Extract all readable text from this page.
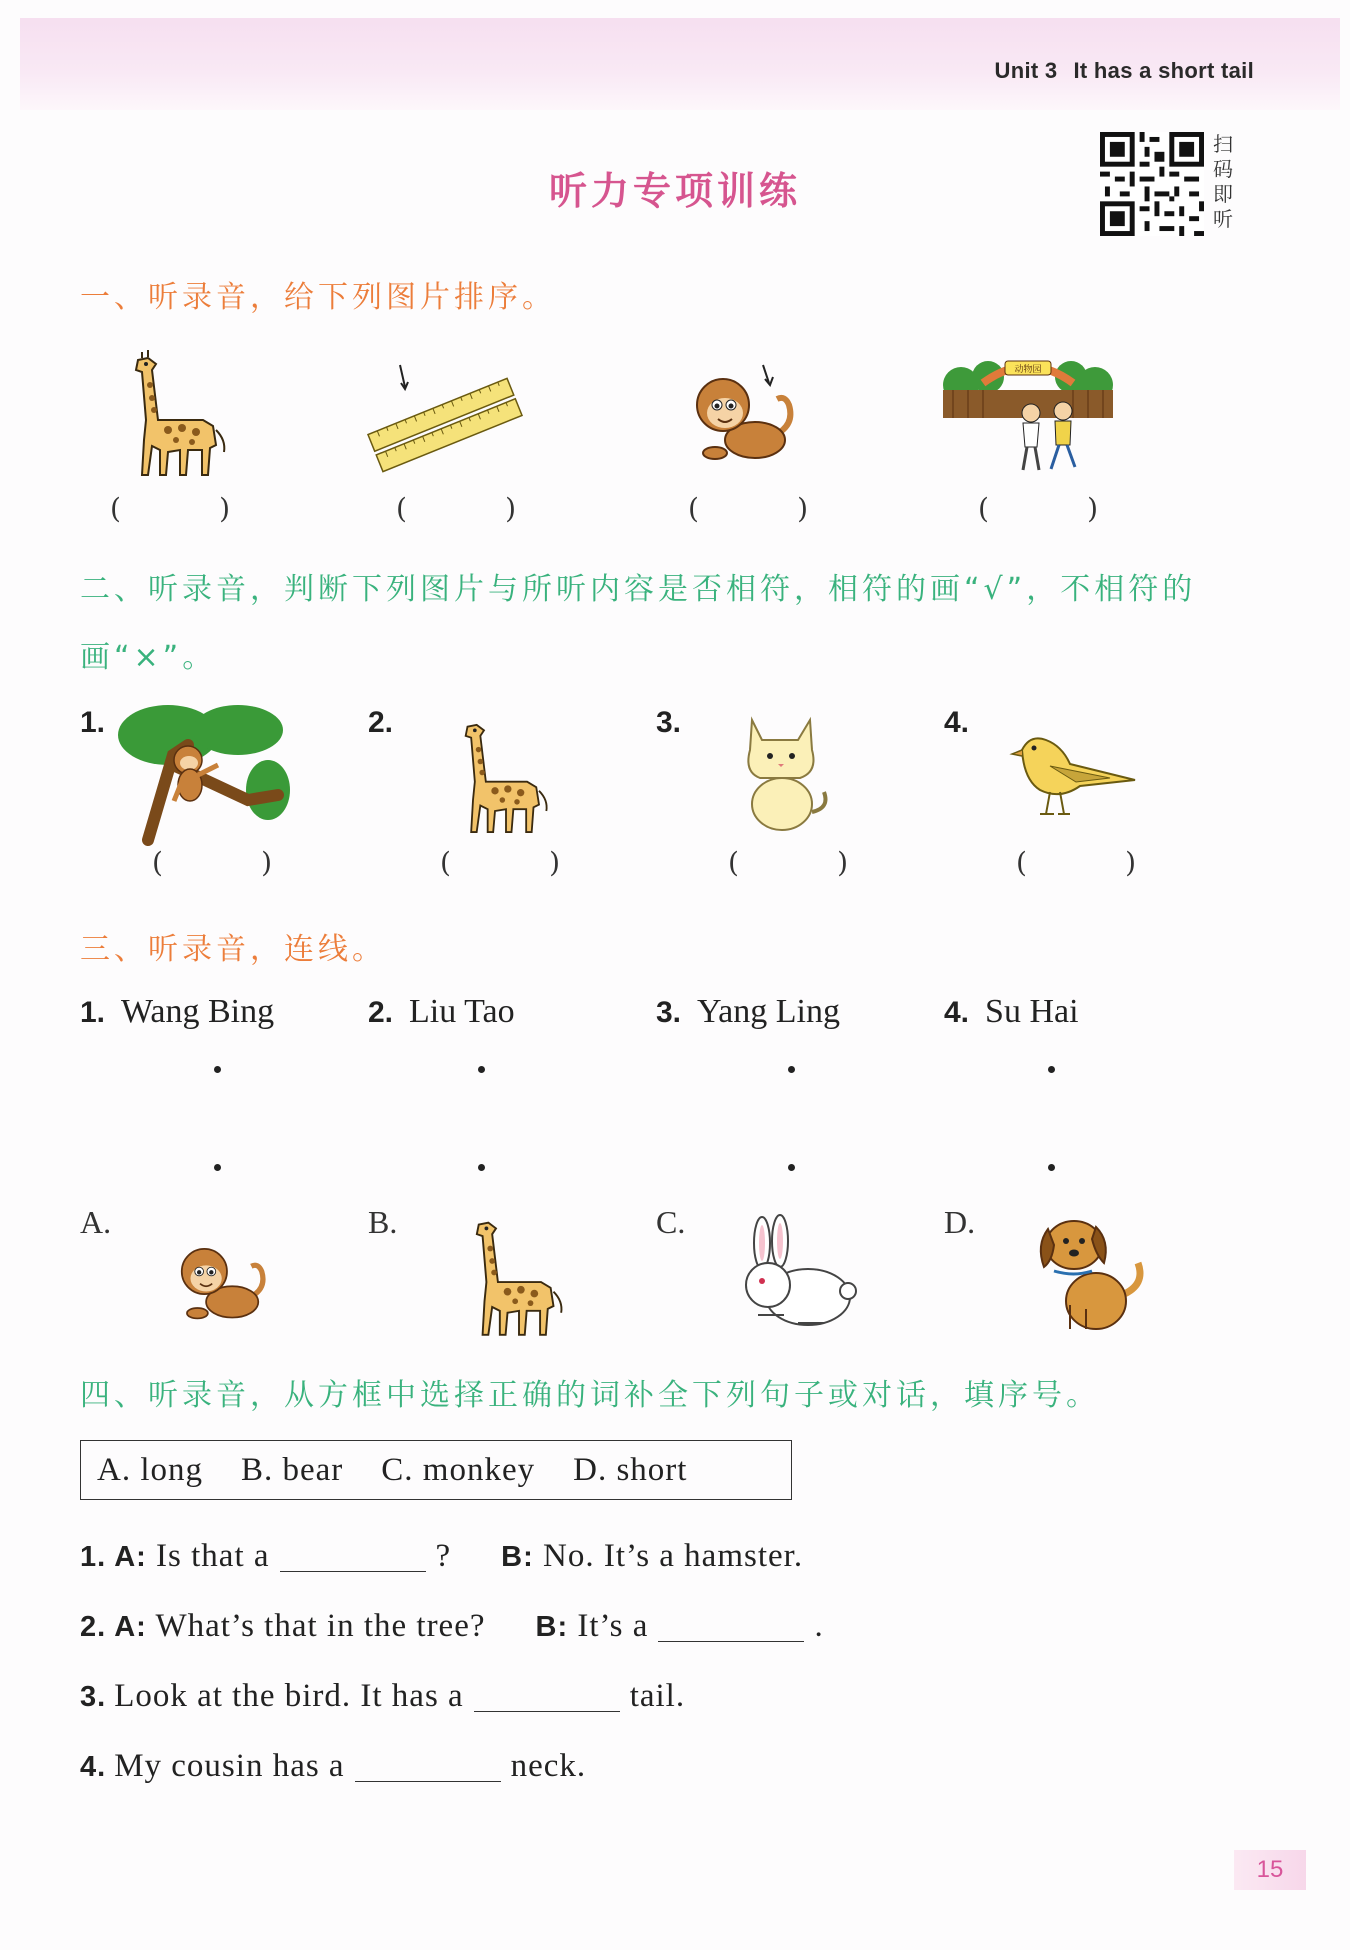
Unit 3 It has a short tail
听力专项训练
扫
码
即
听
一、听录音，给下列图片排序。
(	)	(	)	(	)
动物园
(	)
二、听录音，判断下列图片与所听内容是否相符，相符的画“√”，不相符的
画“×”。
1.
(	)
2.
(	)
3.
(	)
4.
(	)
三、听录音，连线。
1. Wang Bing	2. Liu Tao	3. Yang Ling	4. Su Hai
A.	B.	C.	D.
四、听录音，从方框中选择正确的词补全下列句子或对话，填序号。
A. long B. bear C. monkey D. short
1. A: Is that a	? B: No. It’s a hamster.
2. A: What’s that in the tree? B: It’s a	.
3. Look at the bird. It has a	tail.
4. My cousin has a	neck.
15
